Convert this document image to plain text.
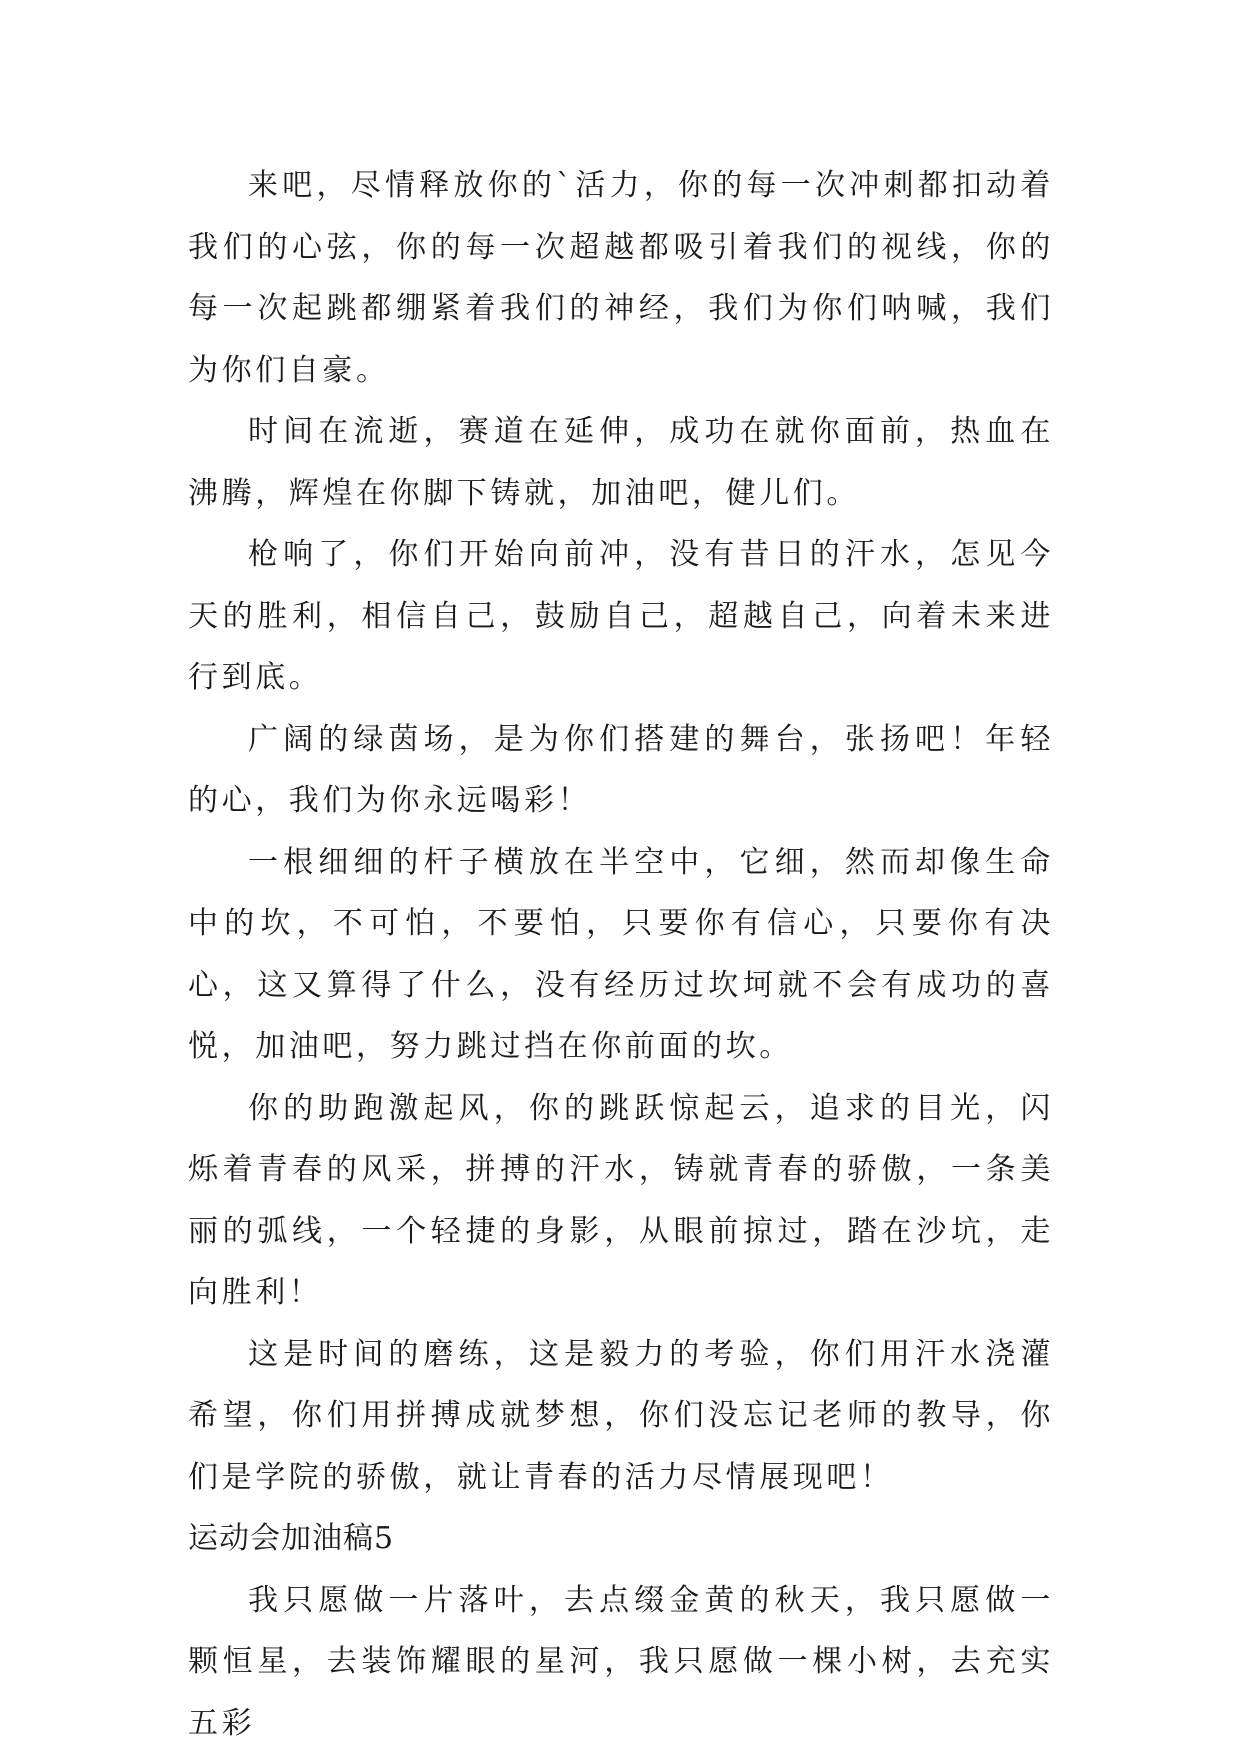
来吧，尽情释放你的`活力，你的每一次冲刺都扣动着我们的心弦，你的每一次超越都吸引着我们的视线，你的每一次起跳都绷紧着我们的神经，我们为你们呐喊，我们为你们自豪。

时间在流逝，赛道在延伸，成功在就你面前，热血在沸腾，辉煌在你脚下铸就，加油吧，健儿们。

枪响了，你们开始向前冲，没有昔日的汗水，怎见今天的胜利，相信自己，鼓励自己，超越自己，向着未来进行到底。

广阔的绿茵场，是为你们搭建的舞台，张扬吧！年轻的心，我们为你永远喝彩！

一根细细的杆子横放在半空中，它细，然而却像生命中的坎，不可怕，不要怕，只要你有信心，只要你有决心，这又算得了什么，没有经历过坎坷就不会有成功的喜悦，加油吧，努力跳过挡在你前面的坎。

你的助跑激起风，你的跳跃惊起云，追求的目光，闪烁着青春的风采，拼搏的汗水，铸就青春的骄傲，一条美丽的弧线，一个轻捷的身影，从眼前掠过，踏在沙坑，走向胜利！

这是时间的磨练，这是毅力的考验，你们用汗水浇灌希望，你们用拼搏成就梦想，你们没忘记老师的教导，你们是学院的骄傲，就让青春的活力尽情展现吧！

运动会加油稿5

我只愿做一片落叶，去点缀金黄的秋天，我只愿做一颗恒星，去装饰耀眼的星河，我只愿做一棵小树，去充实五彩
